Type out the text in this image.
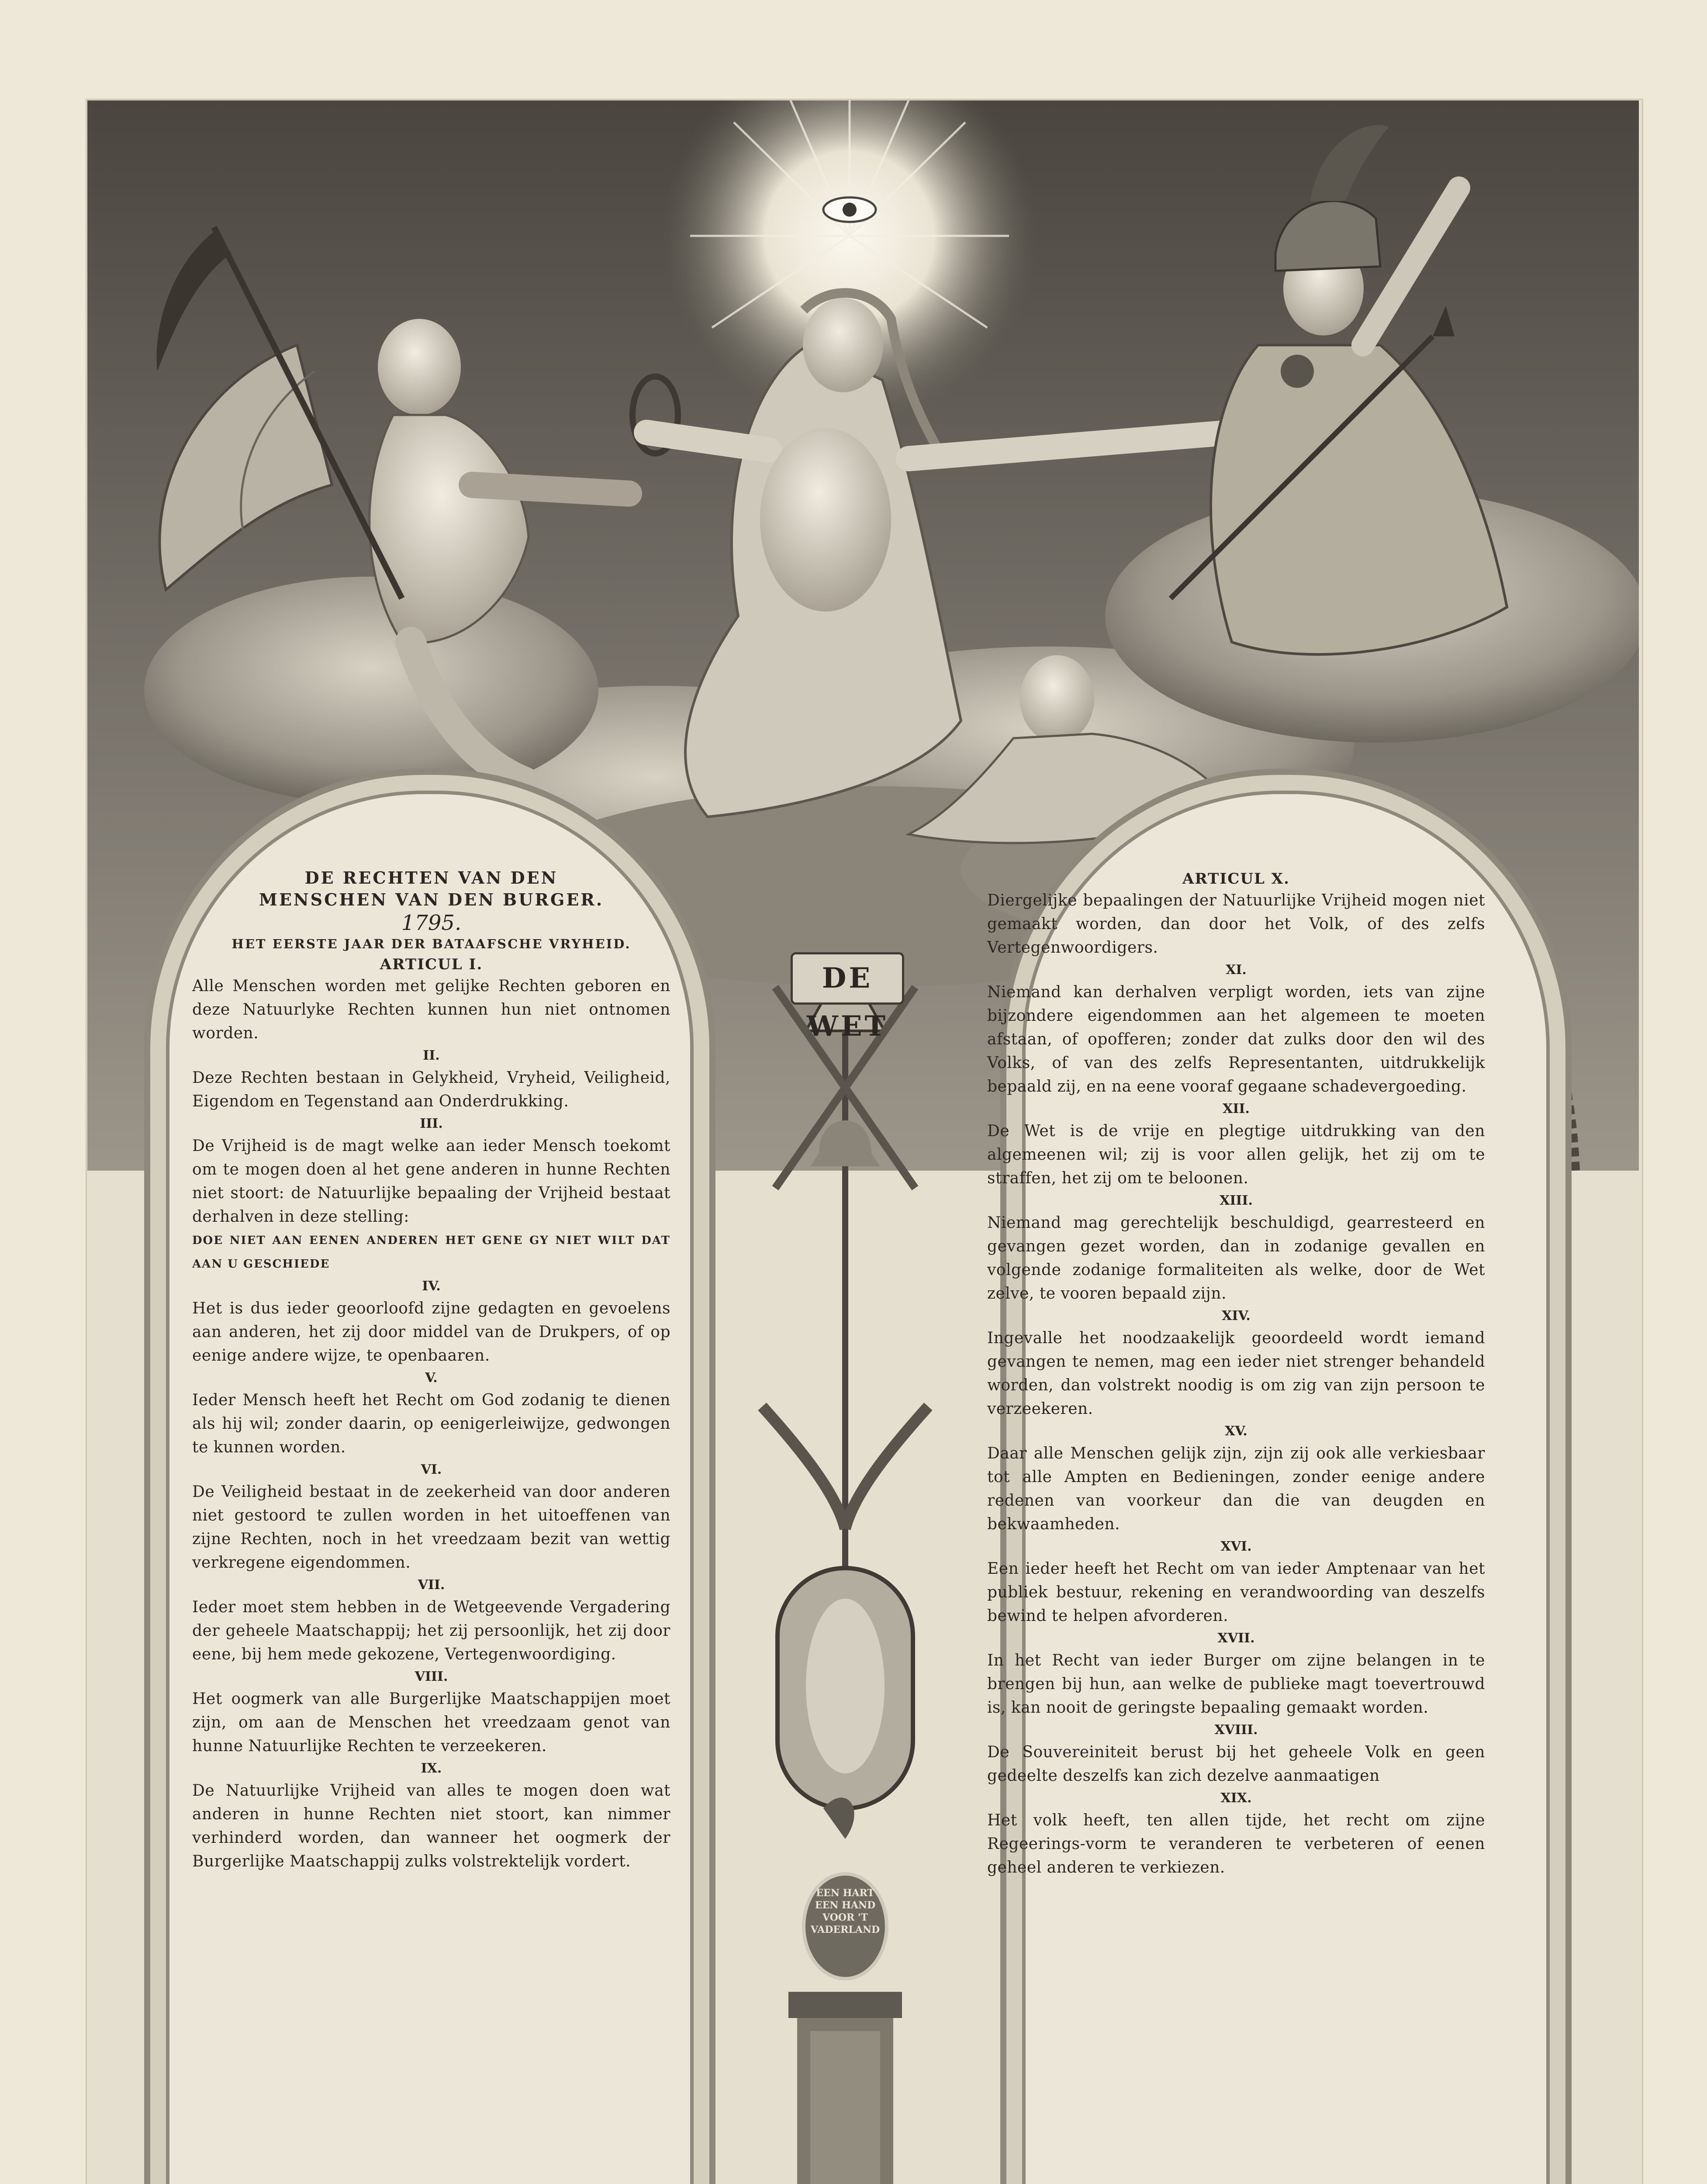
DE WET
EEN HART EEN HAND VOOR 'T VADERLAND
DE RECHTEN VAN DEN
MENSCHEN VAN DEN BURGER.
1795.
HET EERSTE JAAR DER BATAAFSCHE VRYHEID.
ARTICUL I.
Alle Menschen worden met gelijke Rechten geboren en deze Natuurlyke Rechten kunnen hun niet ontnomen worden.
II.
Deze Rechten bestaan in Gelykheid, Vryheid, Veiligheid, Eigendom en Tegenstand aan Onderdrukking.
III.
De Vrijheid is de magt welke aan ieder Mensch toekomt om te mogen doen al het gene anderen in hunne Rechten niet stoort: de Natuurlijke bepaaling der Vrijheid bestaat derhalven in deze stelling:
DOE NIET AAN EENEN ANDEREN HET GENE GY NIET WILT DAT AAN U GESCHIEDE
IV.
Het is dus ieder geoorloofd zijne gedagten en gevoelens aan anderen, het zij door middel van de Drukpers, of op eenige andere wijze, te openbaaren.
V.
Ieder Mensch heeft het Recht om God zodanig te dienen als hij wil; zonder daarin, op eenigerleiwijze, gedwongen te kunnen worden.
VI.
De Veiligheid bestaat in de zeekerheid van door anderen niet gestoord te zullen worden in het uitoeffenen van zijne Rechten, noch in het vreedzaam bezit van wettig verkregene eigendommen.
VII.
Ieder moet stem hebben in de Wetgeevende Vergadering der geheele Maatschappij; het zij persoonlijk, het zij door eene, bij hem mede gekozene, Vertegenwoordiging.
VIII.
Het oogmerk van alle Burgerlijke Maatschappijen moet zijn, om aan de Menschen het vreedzaam genot van hunne Natuurlijke Rechten te verzeekeren.
IX.
De Natuurlijke Vrijheid van alles te mogen doen wat anderen in hunne Rechten niet stoort, kan nimmer verhinderd worden, dan wanneer het oogmerk der Burgerlijke Maatschappij zulks volstrektelijk vordert.
ARTICUL X.
Diergelijke bepaalingen der Natuurlijke Vrijheid mogen niet gemaakt worden, dan door het Volk, of des zelfs Vertegenwoordigers.
XI.
Niemand kan derhalven verpligt worden, iets van zijne bijzondere eigendommen aan het algemeen te moeten afstaan, of opofferen; zonder dat zulks door den wil des Volks, of van des zelfs Representanten, uitdrukkelijk bepaald zij, en na eene vooraf gegaane schadevergoeding.
XII.
De Wet is de vrije en plegtige uitdrukking van den algemeenen wil; zij is voor allen gelijk, het zij om te straffen, het zij om te beloonen.
XIII.
Niemand mag gerechtelijk beschuldigd, gearresteerd en gevangen gezet worden, dan in zodanige gevallen en volgende zodanige formaliteiten als welke, door de Wet zelve, te vooren bepaald zijn.
XIV.
Ingevalle het noodzaakelijk geoordeeld wordt iemand gevangen te nemen, mag een ieder niet strenger behandeld worden, dan volstrekt noodig is om zig van zijn persoon te verzeekeren.
XV.
Daar alle Menschen gelijk zijn, zijn zij ook alle verkiesbaar tot alle Ampten en Bedieningen, zonder eenige andere redenen van voorkeur dan die van deugden en bekwaamheden.
XVI.
Een ieder heeft het Recht om van ieder Amptenaar van het publiek bestuur, rekening en verandwoording van deszelfs bewind te helpen afvorderen.
XVII.
In het Recht van ieder Burger om zijne belangen in te brengen bij hun, aan welke de publieke magt toevertrouwd is, kan nooit de geringste bepaaling gemaakt worden.
XVIII.
De Souvereiniteit berust bij het geheele Volk en geen gedeelte deszelfs kan zich dezelve aanmaatigen
XIX.
Het volk heeft, ten allen tijde, het recht om zijne Regeerings-vorm te veranderen te verbeteren of eenen geheel anderen te verkiezen.
